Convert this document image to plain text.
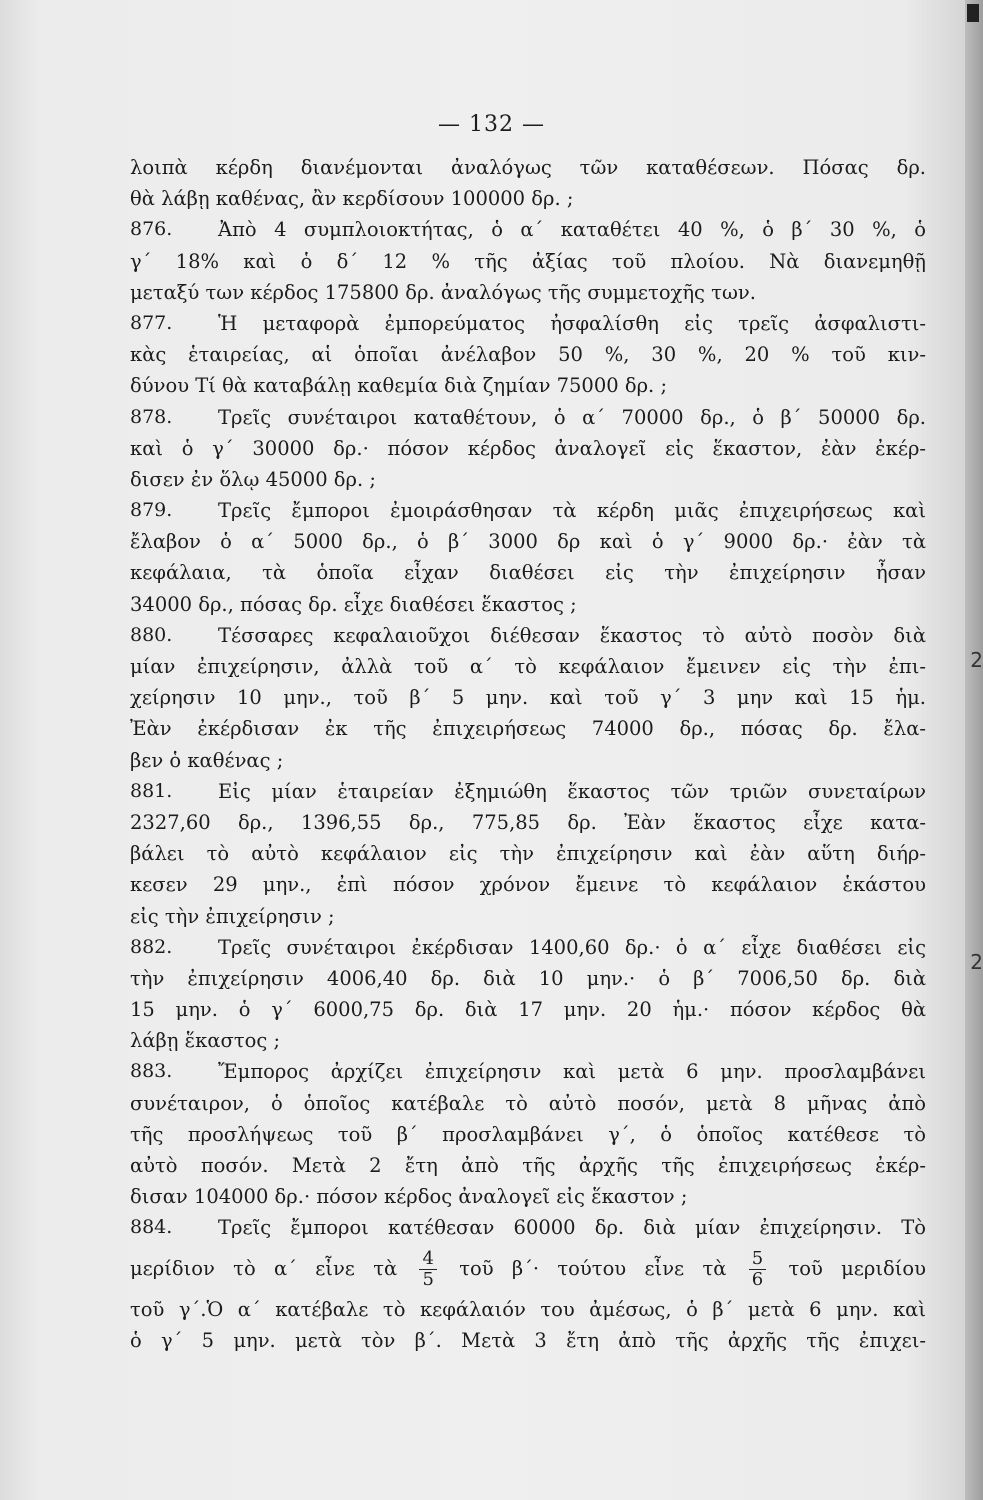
2
2
— 132 —
λοιπὰ κέρδη διανέμονται ἀναλόγως τῶν καταθέσεων. Πόσας δρ.
θὰ λάβῃ καθένας, ἂν κερδίσουν 100000 δρ. ;
876. Ἀπὸ 4 συμπλοιοκτήτας, ὁ α´ καταθέτει 40 %, ὁ β´ 30 %, ὁ
γ´ 18% καὶ ὁ δ´ 12 % τῆς ἀξίας τοῦ πλοίου. Νὰ διανεμηθῇ
μεταξύ των κέρδος 175800 δρ. ἀναλόγως τῆς συμμετοχῆς των.
877. Ἡ μεταφορὰ ἐμπορεύματος ἠσφαλίσθη εἰς τρεῖς ἀσφαλιστι-
κὰς ἑταιρείας, αἱ ὁποῖαι ἀνέλαβον 50 %, 30 %, 20 % τοῦ κιν-
δύνου Τί θὰ καταβάλῃ καθεμία διὰ ζημίαν 75000 δρ. ;
878. Τρεῖς συνέταιροι καταθέτουν, ὁ α´ 70000 δρ., ὁ β´ 50000 δρ.
καὶ ὁ γ´ 30000 δρ.· πόσον κέρδος ἀναλογεῖ εἰς ἕκαστον, ἐὰν ἐκέρ-
δισεν ἐν ὅλῳ 45000 δρ. ;
879. Τρεῖς ἔμποροι ἐμοιράσθησαν τὰ κέρδη μιᾶς ἐπιχειρήσεως καὶ
ἔλαβον ὁ α´ 5000 δρ., ὁ β´ 3000 δρ καὶ ὁ γ´ 9000 δρ.· ἐὰν τὰ
κεφάλαια, τὰ ὁποῖα εἶχαν διαθέσει εἰς τὴν ἐπιχείρησιν ἦσαν
34000 δρ., πόσας δρ. εἶχε διαθέσει ἕκαστος ;
880. Τέσσαρες κεφαλαιοῦχοι διέθεσαν ἕκαστος τὸ αὐτὸ ποσὸν διὰ
μίαν ἐπιχείρησιν, ἀλλὰ τοῦ α´ τὸ κεφάλαιον ἔμεινεν εἰς τὴν ἐπι-
χείρησιν 10 μην., τοῦ β´ 5 μην. καὶ τοῦ γ´ 3 μην καὶ 15 ἡμ.
Ἐὰν ἐκέρδισαν ἐκ τῆς ἐπιχειρήσεως 74000 δρ., πόσας δρ. ἔλα-
βεν ὁ καθένας ;
881. Εἰς μίαν ἑταιρείαν ἐξημιώθη ἕκαστος τῶν τριῶν συνεταίρων
2327,60 δρ., 1396,55 δρ., 775,85 δρ. Ἐὰν ἕκαστος εἶχε κατα-
βάλει τὸ αὐτὸ κεφάλαιον εἰς τὴν ἐπιχείρησιν καὶ ἐὰν αὕτη διήρ-
κεσεν 29 μην., ἐπὶ πόσον χρόνον ἔμεινε τὸ κεφάλαιον ἑκάστου
εἰς τὴν ἐπιχείρησιν ;
882. Τρεῖς συνέταιροι ἐκέρδισαν 1400,60 δρ.· ὁ α´ εἶχε διαθέσει εἰς
τὴν ἐπιχείρησιν 4006,40 δρ. διὰ 10 μην.· ὁ β´ 7006,50 δρ. διὰ
15 μην. ὁ γ´ 6000,75 δρ. διὰ 17 μην. 20 ἡμ.· πόσον κέρδος θὰ
λάβῃ ἕκαστος ;
883. Ἔμπορος ἀρχίζει ἐπιχείρησιν καὶ μετὰ 6 μην. προσλαμβάνει
συνέταιρον, ὁ ὁποῖος κατέβαλε τὸ αὐτὸ ποσόν, μετὰ 8 μῆνας ἀπὸ
τῆς προσλήψεως τοῦ β´ προσλαμβάνει γ´, ὁ ὁποῖος κατέθεσε τὸ
αὐτὸ ποσόν. Μετὰ 2 ἔτη ἀπὸ τῆς ἀρχῆς τῆς ἐπιχειρήσεως ἐκέρ-
δισαν 104000 δρ.· πόσον κέρδος ἀναλογεῖ εἰς ἕκαστον ;
884. Τρεῖς ἔμποροι κατέθεσαν 60000 δρ. διὰ μίαν ἐπιχείρησιν. Τὸ
μερίδιον τὸ α´ εἶνε τὰ $\frac{4}{5}$ τοῦ β´· τούτου εἶνε τὰ $\frac{5}{6}$ τοῦ μεριδίου
τοῦ γ´.Ὁ α´ κατέβαλε τὸ κεφάλαιόν του ἀμέσως, ὁ β´ μετὰ 6 μην. καὶ
ὁ γ´ 5 μην. μετὰ τὸν β´. Μετὰ 3 ἔτη ἀπὸ τῆς ἀρχῆς τῆς ἐπιχει-
